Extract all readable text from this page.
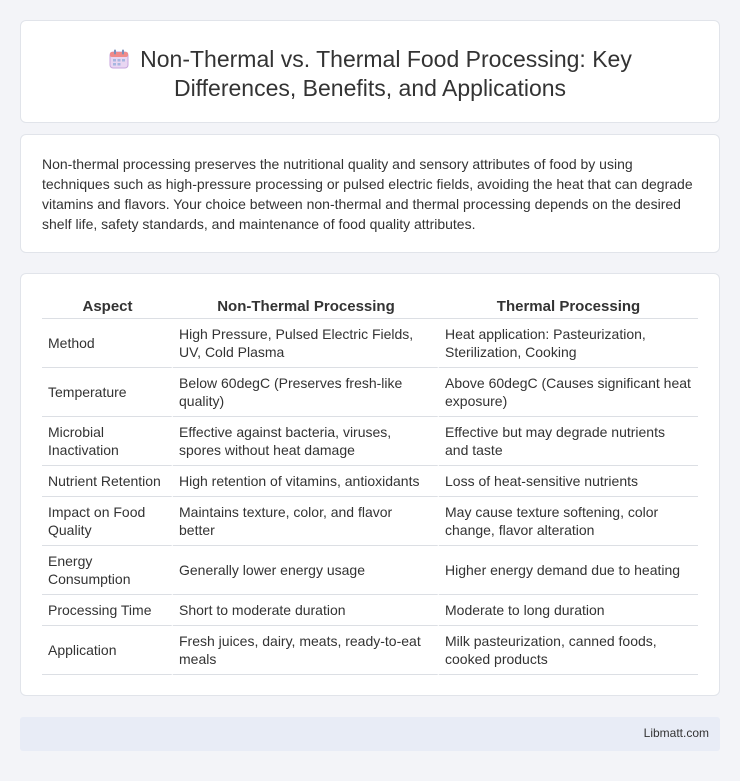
Non-Thermal vs. Thermal Food Processing: Key Differences, Benefits, and Applications

Non-thermal processing preserves the nutritional quality and sensory attributes of food by using techniques such as high-pressure processing or pulsed electric fields, avoiding the heat that can degrade vitamins and flavors. Your choice between non-thermal and thermal processing depends on the desired shelf life, safety standards, and maintenance of food quality attributes.

Aspect	Non-Thermal Processing	Thermal Processing
Method	High Pressure, Pulsed Electric Fields, UV, Cold Plasma	Heat application: Pasteurization, Sterilization, Cooking
Temperature	Below 60degC (Preserves fresh-like quality)	Above 60degC (Causes significant heat exposure)
Microbial Inactivation	Effective against bacteria, viruses, spores without heat damage	Effective but may degrade nutrients and taste
Nutrient Retention	High retention of vitamins, antioxidants	Loss of heat-sensitive nutrients
Impact on Food Quality	Maintains texture, color, and flavor better	May cause texture softening, color change, flavor alteration
Energy Consumption	Generally lower energy usage	Higher energy demand due to heating
Processing Time	Short to moderate duration	Moderate to long duration
Application	Fresh juices, dairy, meats, ready-to-eat meals	Milk pasteurization, canned foods, cooked products
Libmatt.com
